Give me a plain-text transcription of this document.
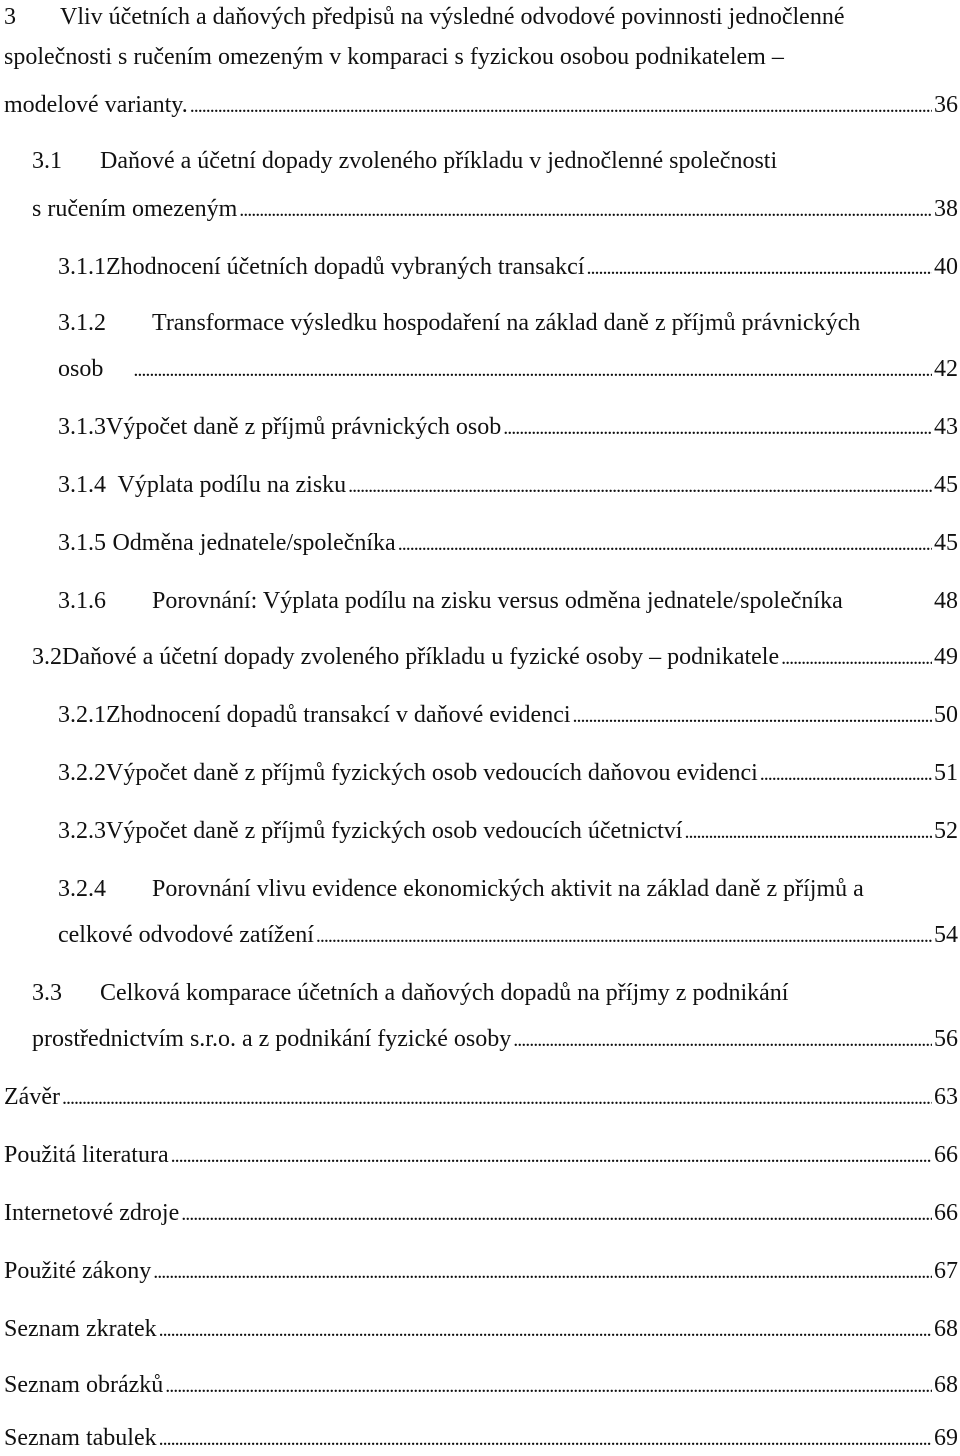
3 Vliv účetních a daňových předpisů na výsledné odvodové povinnosti jednočlenné
společnosti s ručením omezeným v komparaci s fyzickou osobou podnikatelem –
modelové varianty. . . .	36
3.1 Daňové a účetní dopady zvoleného příkladu v jednočlenné společnosti
s ručením omezeným . . .	38
3.1.1 Zhodnocení účetních dopadů vybraných transakcí . . .	40
3.1.2 Transformace výsledku hospodaření na základ daně z příjmů právnických
osob . . .	42
3.1.3 Výpočet daně z příjmů právnických osob . . .	43
3.1.4 Výplata podílu na zisku . . .	45
3.1.5 Odměna jednatele/společníka . . .	45
3.1.6	Porovnání: Výplata podílu na zisku versus odměna jednatele/společníka	48
3.2 Daňové a účetní dopady zvoleného příkladu u fyzické osoby – podnikatele . . .	49
3.2.1 Zhodnocení dopadů transakcí v daňové evidenci . . .	50
3.2.2 Výpočet daně z příjmů fyzických osob vedoucích daňovou evidenci . . .	51
3.2.3 Výpočet daně z příjmů fyzických osob vedoucích účetnictví . . .	52
3.2.4 Porovnání vlivu evidence ekonomických aktivit na základ daně z příjmů a
celkové odvodové zatížení . . .	54
3.3 Celková komparace účetních a daňových dopadů na příjmy z podnikání
prostřednictvím s.r.o. a z podnikání fyzické osoby . . .	56
Závěr . . .	63
Použitá literatura . . .	66
Internetové zdroje . . .	66
Použité zákony . . .	67
Seznam zkratek . . .	68
Seznam obrázků . . .	68
Seznam tabulek . . .	69
